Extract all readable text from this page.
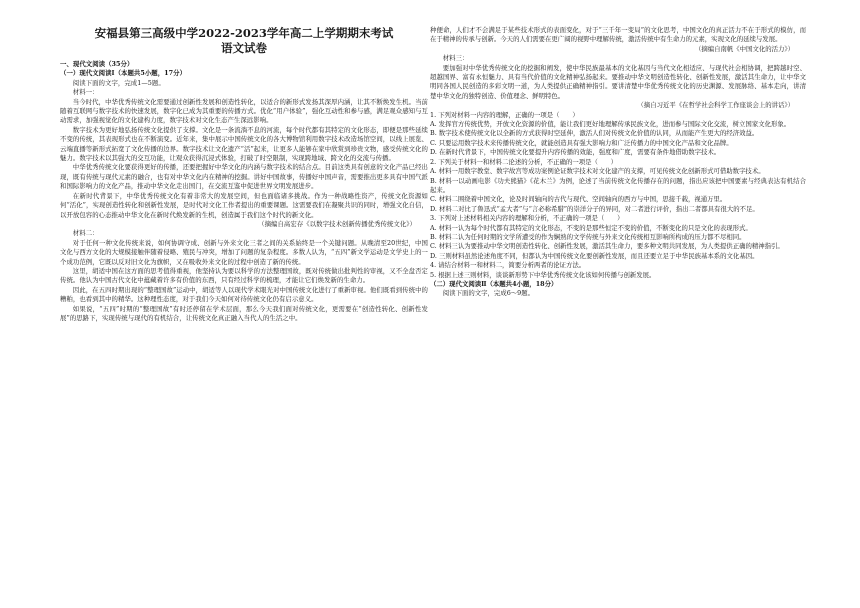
安福县第三高级中学2022-2023学年高二上学期期末考试
语文试卷

一、现代文阅读（35分）

（一）现代文阅读Ⅰ（本题共5小题，17分）

阅读下面的文字，完成1—5题。

材料一：

当今时代，中华优秀传统文化需要通过创新性发展和创造性转化，以适合的新形式发扬其深厚内涵，让其不断焕发生机。当前随着互联网与数字技术的快速发展，数字化已成为其重要的传播方式。优化“用户体验”，强化互动性和参与感，满足观众感知与互动需求，加强视觉化的文化建构力度，数字技术对文化生态产生深远影响。

数字技术为更好地弘扬传统文化提供了支撑。文化是一条流淌不息的河流，每个时代都有其特定的文化形态，即便是那些延续不变的传统，其表现形式也在不断演变。近年来，集中展示中国传统文化的各大博物馆利用数字技术改造场馆空间，以线上展览、云端直播等新形式拓宽了文化传播的边界。数字技术让文化遗产“活”起来，让更多人能够在家中欣赏到珍贵文物，感受传统文化的魅力。数字技术以其强大的交互功能，让观众获得沉浸式体验，打破了时空限制，实现跨地域、跨文化的交流与传播。

中华优秀传统文化要获得更好的传播，还要把握好中华文化的内涵与数字技术的结合点。目前这类具有创意的文化产品已经出现，既有传统与现代元素的融合，也有对中华文化内在精神的挖掘。讲好中国故事，传播好中国声音，需要推出更多具有中国气派和国际影响力的文化产品，推动中华文化走出国门，在交流互鉴中促进世界文明发展进步。

在新时代背景下，中华优秀传统文化有着非常大的发展空间，但也面临诸多挑战。作为一种战略性资产，传统文化资源如何“活化”，实现创造性转化和创新性发展，是时代对文化工作者提出的重要课题。这需要我们在凝聚共识的同时，增强文化自信，以开放包容的心态推动中华文化在新时代焕发新的生机，创造属于我们这个时代的新文化。

（摘编自高宏存《以数字技术创新传播优秀传统文化》）

材料二：

对于任何一种文化传统来说，如何协调守成、创新与外来文化三者之间的关系始终是一个关键问题。从晚清至20世纪，中国文化与西方文化的大规模接触伴随着侵略、殖民与冲突，增加了问题的复杂程度。多数人认为，“五四”新文学运动是文学史上的一个成功范例，它既以反对旧文化为旗帜，又在吸收外来文化的过程中创造了新的传统。

这里，胡适中国在这方面的思考值得重视，他坚持认为要以科学的方法整理国故，既对传统做出批判性的审视，又不全盘否定传统。他认为中国古代文化中蕴藏着许多有价值的东西，只有经过科学的梳理，才能让它们焕发新的生命力。

因此，在五四时期出现的“整理国故”运动中，胡适等人以现代学术眼光对中国传统文化进行了重新审视。他们既看到传统中的糟粕，也看到其中的精华。这种理性态度，对于我们今天如何对待传统文化仍有启示意义。

如果说，“五四”时期的“整理国故”有时还停留在学术层面，那么今天我们面对传统文化，更需要在“创造性转化、创新性发展”的思路下，实现传统与现代的有机结合，让传统文化真正融入当代人的生活之中。

种便命，人们才不会满足于某些技术形式的表面变化，对于“三千年一变局”的文化思考，中国文化的真正活力不在于形式的模仿，而在于精神的传承与创新。今天的人们需要在更广阔的视野中理解传统，激活传统中有生命力的元素，实现文化的延续与发展。

（摘编自南帆《中国文化的活力》）

材料三：

要加强对中华优秀传统文化的挖掘和阐发，使中华民族最基本的文化基因与当代文化相适应、与现代社会相协调，把跨越时空、超越国界、富有永恒魅力、具有当代价值的文化精神弘扬起来。要推动中华文明创造性转化、创新性发展，激活其生命力，让中华文明同各国人民创造的多彩文明一道，为人类提供正确精神指引。要讲清楚中华优秀传统文化的历史渊源、发展脉络、基本走向，讲清楚中华文化的独特创造、价值理念、鲜明特色。

（摘自习近平《在哲学社会科学工作座谈会上的讲话》）

1. 下列对材料一内容的理解，正确的一项是（　　）

A. 发挥官方传统优势，开放文化资源的价值，能让我们更好地理解传承民族文化，进而参与国际文化交流，树立国家文化形象。

B. 数字技术使传统文化以全新的方式获得时空延伸，激活人们对传统文化价值的认同，从而能产生更大的经济效益。

C. 只要运用数字技术来传播传统文化，就能创造具有强大影响力和广泛传播力的中国文化产品和文化品牌。

D. 在新时代背景下，中国传统文化要提升内容传播的效能，强度和广度，需要有条件地借助数字技术。

2. 下列关于材料一和材料二论述的分析，不正确的一项是（　　）

A. 材料一用数字教堂、数字故宫等成功案例论证数字技术对文化建产的支撑，可见传统文化创新形式可借助数字技术。

B. 材料一以动画电影《功夫熊猫》《花木兰》为例，论述了当前传统文化传播存在的问题，指出应该把中国要素与经典表达有机结合起来。

C. 材料二围绕着中国文化，论及时间轴向的古代与现代、空间轴向的西方与中国，思接千载，视通万里。

D. 材料二对比了鲁迅式“孟大者”与“言必称希腊”的崇洋分子的异同，对二者进行评价，指出二者都具有很大的不足。

3. 下列对上述材料相关内容的理解和分析，不正确的一项是（　　）

A. 材料一认为每个时代都有其特定的文化形态，不变的是那些恒定不变的价值，不断变化的只是文化的表现形式。

B. 材料二认为任何时期的文学所遭受的作为娴熟的文学传统与外来文化传统相互影响所构成的压力都不尽相同。

C. 材料三认为要推动中华文明创造性转化、创新性发展，激活其生命力，要多种文明共同发展，为人类提供正确的精神指引。

D. 三则材料虽然论述角度不同，但都认为中国传统文化要创新性发展，而且还要立足于中华民族基本系的文化基因。

4. 请结合材料一和材料二，简要分析两者的论证方法。

5. 根据上述三则材料，谈谈新形势下中华优秀传统文化该如何传播与创新发展。

（二）现代文阅读Ⅱ（本题共4小题，18分）

阅读下面的文字，完成6～9题。
